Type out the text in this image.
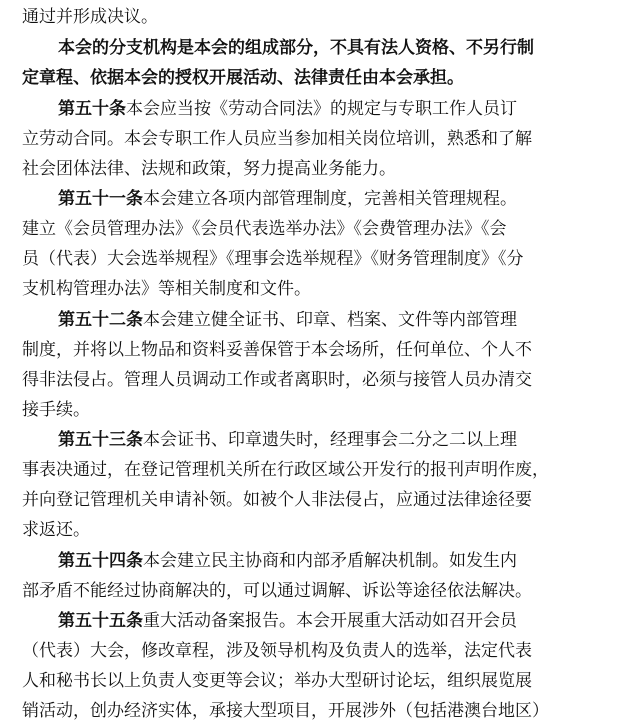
通过并形成决议。
本会的分支机构是本会的组成部分，不具有法人资格、不另行制
定章程、依据本会的授权开展活动、法律责任由本会承担。
第五十条本会应当按《劳动合同法》的规定与专职工作人员订
立劳动合同。本会专职工作人员应当参加相关岗位培训，熟悉和了解
社会团体法律、法规和政策，努力提高业务能力。
第五十一条本会建立各项内部管理制度，完善相关管理规程。
建立《会员管理办法》《会员代表选举办法》《会费管理办法》《会
员（代表）大会选举规程》《理事会选举规程》《财务管理制度》《分
支机构管理办法》等相关制度和文件。
第五十二条本会建立健全证书、印章、档案、文件等内部管理
制度，并将以上物品和资料妥善保管于本会场所，任何单位、个人不
得非法侵占。管理人员调动工作或者离职时，必须与接管人员办清交
接手续。
第五十三条本会证书、印章遗失时，经理事会二分之二以上理
事表决通过，在登记管理机关所在行政区域公开发行的报刊声明作废，
并向登记管理机关申请补领。如被个人非法侵占，应通过法律途径要
求返还。
第五十四条本会建立民主协商和内部矛盾解决机制。如发生内
部矛盾不能经过协商解决的，可以通过调解、诉讼等途径依法解决。
第五十五条重大活动备案报告。本会开展重大活动如召开会员
（代表）大会，修改章程，涉及领导机构及负责人的选举，法定代表
人和秘书长以上负责人变更等会议；举办大型研讨论坛，组织展览展
销活动，创办经济实体，承接大型项目，开展涉外（包括港澳台地区）
